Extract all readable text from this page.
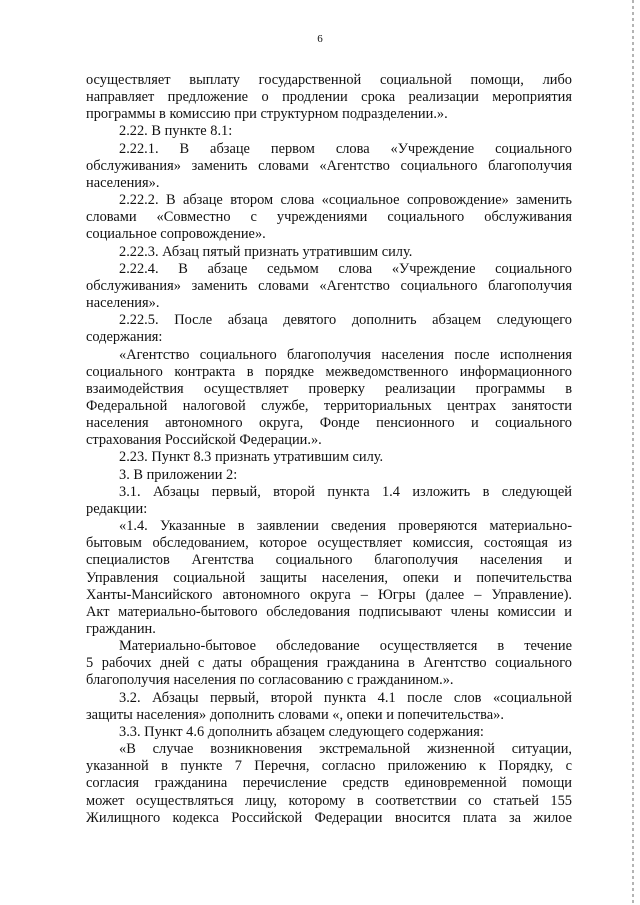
6

осуществляет выплату государственной социальной помощи, либо

направляет предложение о продлении срока реализации мероприятия

программы в комиссию при структурном подразделении.».

2.22. В пункте 8.1:

2.22.1. В абзаце первом слова «Учреждение социального

обслуживания» заменить словами «Агентство социального благополучия

населения».

2.22.2. В абзаце втором слова «социальное сопровождение» заменить

словами «Совместно с учреждениями социального обслуживания

социальное сопровождение».

2.22.3. Абзац пятый признать утратившим силу.

2.22.4. В абзаце седьмом слова «Учреждение социального

обслуживания» заменить словами «Агентство социального благополучия

населения».

2.22.5. После абзаца девятого дополнить абзацем следующего

содержания:

«Агентство социального благополучия населения после исполнения

социального контракта в порядке межведомственного информационного

взаимодействия осуществляет проверку реализации программы в

Федеральной налоговой службе, территориальных центрах занятости

населения автономного округа, Фонде пенсионного и социального

страхования Российской Федерации.».

2.23. Пункт 8.3 признать утратившим силу.

3. В приложении 2:

3.1. Абзацы первый, второй пункта 1.4 изложить в следующей

редакции:

«1.4. Указанные в заявлении сведения проверяются материально-

бытовым обследованием, которое осуществляет комиссия, состоящая из

специалистов Агентства социального благополучия населения и

Управления социальной защиты населения, опеки и попечительства

Ханты-Мансийского автономного округа – Югры (далее – Управление).

Акт материально-бытового обследования подписывают члены комиссии и

гражданин.

Материально-бытовое обследование осуществляется в течение

5 рабочих дней с даты обращения гражданина в Агентство социального

благополучия населения по согласованию с гражданином.».

3.2. Абзацы первый, второй пункта 4.1 после слов «социальной

защиты населения» дополнить словами «, опеки и попечительства».

3.3. Пункт 4.6 дополнить абзацем следующего содержания:

«В случае возникновения экстремальной жизненной ситуации,

указанной в пункте 7 Перечня, согласно приложению к Порядку, с

согласия гражданина перечисление средств единовременной помощи

может осуществляться лицу, которому в соответствии со статьей 155

Жилищного кодекса Российской Федерации вносится плата за жилое
